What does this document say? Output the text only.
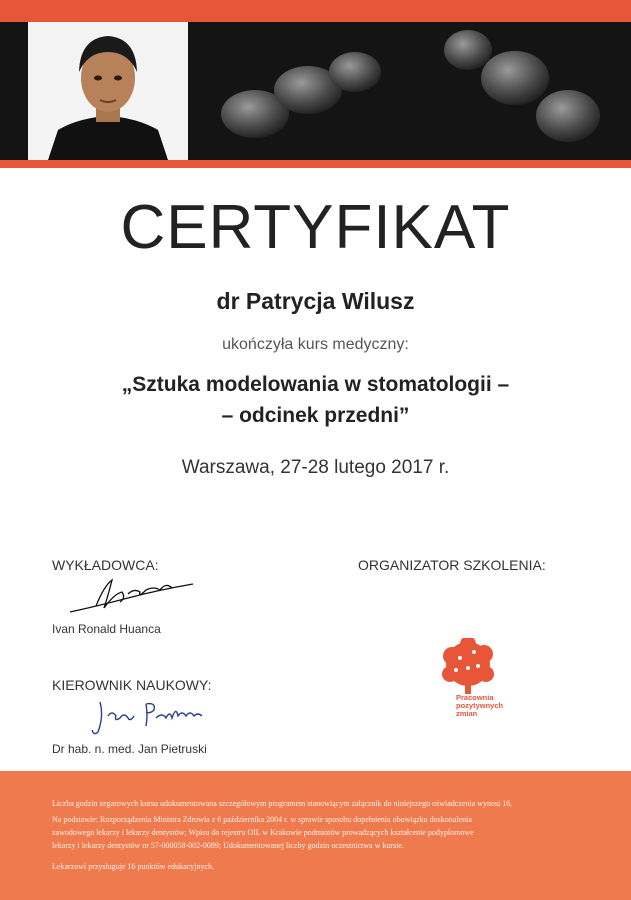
CERTYFIKAT
dr Patrycja Wilusz
ukończyła kurs medyczny:
„Sztuka modelowania w stomatologii –
– odcinek przedni”
Warszawa, 27-28 lutego 2017 r.
WYKŁADOWCA:
Ivan Ronald Huanca
KIEROWNIK NAUKOWY:
Dr hab. n. med. Jan Pietruski
ORGANIZATOR SZKOLENIA:
Pracownia
pozytywnych
zmian

Liczba godzin zegarowych kursu udokumentowana szczegółowym programem stanowiącym załącznik do niniejszego oświadczenia wynosi 16.

Na podstawie: Rozporządzenia Ministra Zdrowia z 6 października 2004 r. w sprawie sposobu dopełnienia obowiązku doskonalenia

zawodowego lekarzy i lekarzy dentystów; Wpisu do rejestru OIL w Krakowie podmiotów prowadzących kształcenie podyplomowe

lekarzy i lekarzy dentystów nr 57-000058-002-0089; Udokumentowanej liczby godzin uczestnictwa w kursie.

Lekarzowi przysługuje 16 punktów edukacyjnych.
